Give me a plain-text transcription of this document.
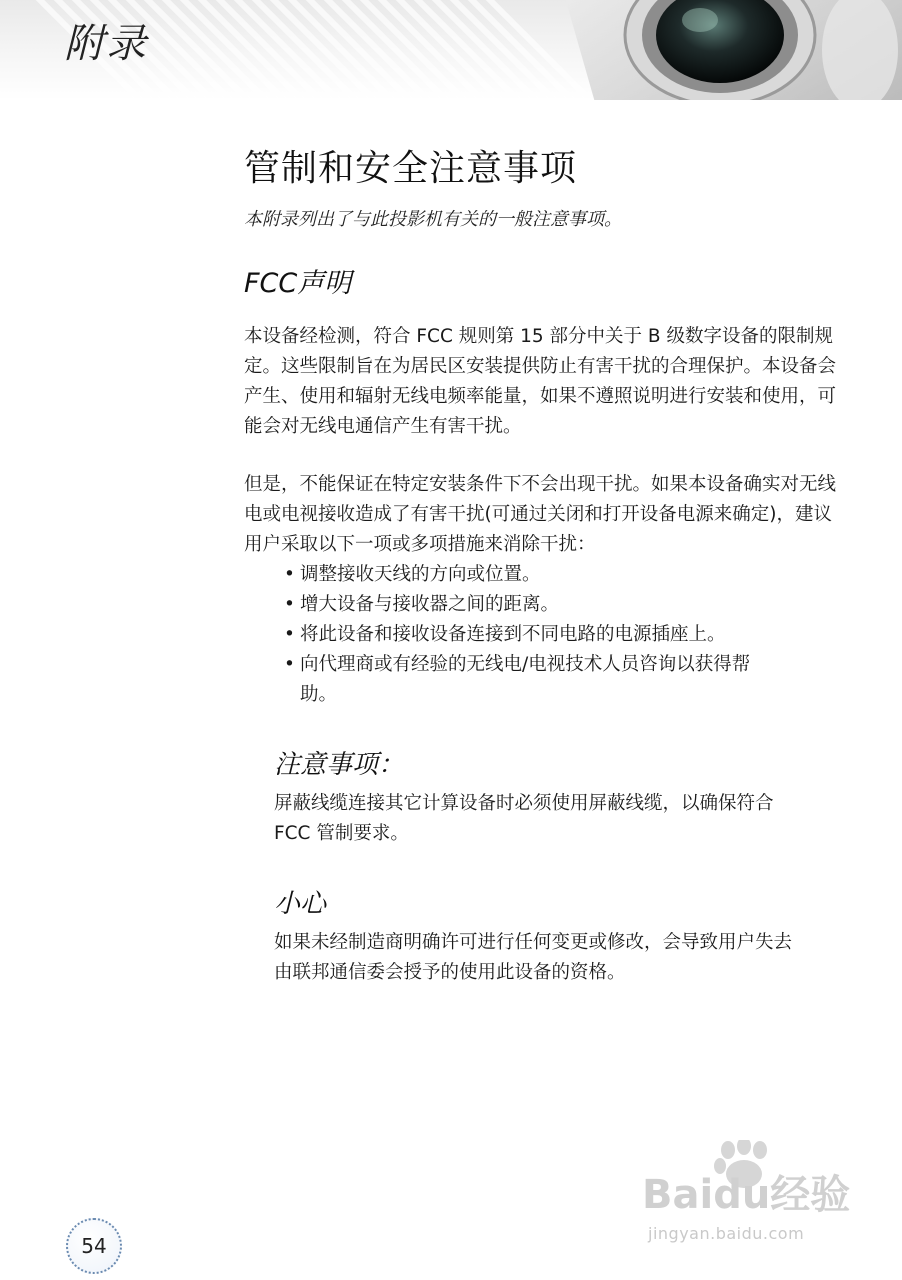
附录
管制和安全注意事项

本附录列出了与此投影机有关的一般注意事项。

FCC声明

本设备经检测，符合 FCC 规则第 15 部分中关于 B 级数字设备的限制规定。这些限制旨在为居民区安装提供防止有害干扰的合理保护。本设备会产生、使用和辐射无线电频率能量，如果不遵照说明进行安装和使用，可能会对无线电通信产生有害干扰。

但是，不能保证在特定安装条件下不会出现干扰。如果本设备确实对无线电或电视接收造成了有害干扰(可通过关闭和打开设备电源来确定)，建议用户采取以下一项或多项措施来消除干扰：

• 调整接收天线的方向或位置。
• 增大设备与接收器之间的距离。
• 将此设备和接收设备连接到不同电路的电源插座上。
• 向代理商或有经验的无线电/电视技术人员咨询以获得帮助。
注意事项：

屏蔽线缆连接其它计算设备时必须使用屏蔽线缆，以确保符合 FCC 管制要求。

小心

如果未经制造商明确许可进行任何变更或修改，会导致用户失去由联邦通信委会授予的使用此设备的资格。

54
Baidu经验
jingyan.baidu.com
